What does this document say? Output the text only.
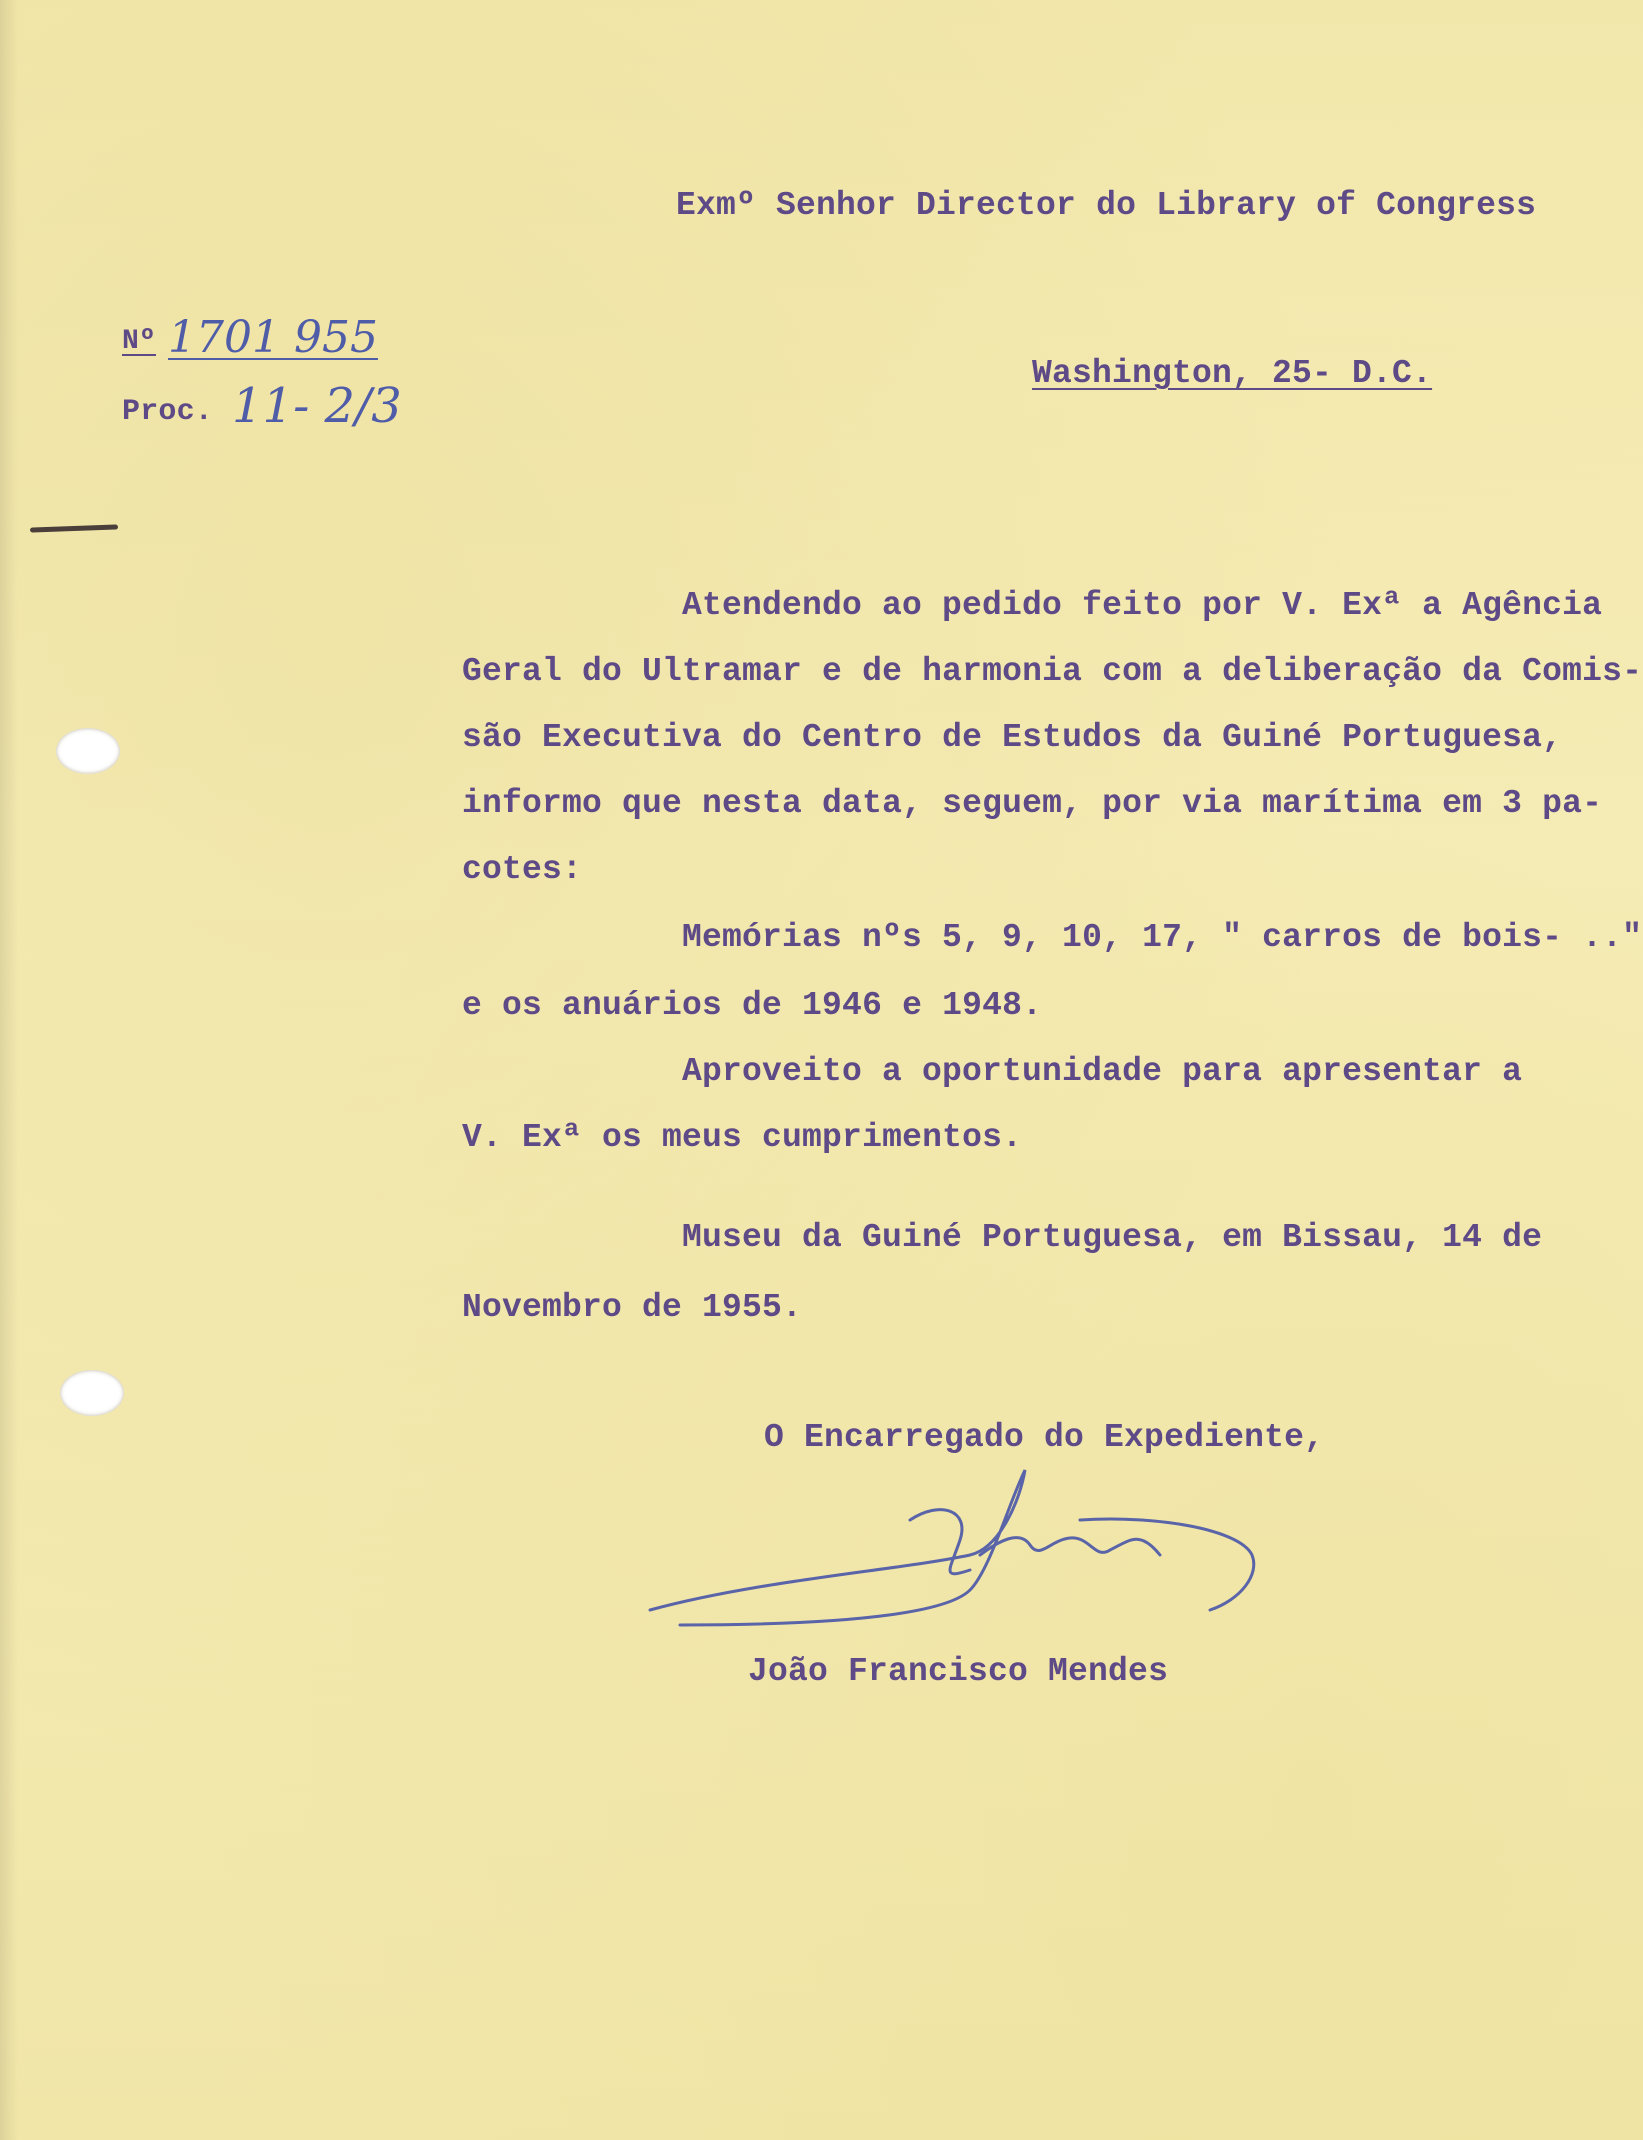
Exmº Senhor Director do Library of Congress
Nº 1701 955
Proc. 11- 2/3
Washington, 25- D.C.
Atendendo ao pedido feito por V. Exª a Agência
Geral do Ultramar e de harmonia com a deliberação da Comis-
são Executiva do Centro de Estudos da Guiné Portuguesa,
informo que nesta data, seguem, por via marítima em 3 pa-
cotes:
Memórias nºs 5, 9, 10, 17, " carros de bois- .."
e os anuários de 1946 e 1948.
Aproveito a oportunidade para apresentar a
V. Exª os meus cumprimentos.
Museu da Guiné Portuguesa, em Bissau, 14 de
Novembro de 1955.
O Encarregado do Expediente,
João Francisco Mendes
